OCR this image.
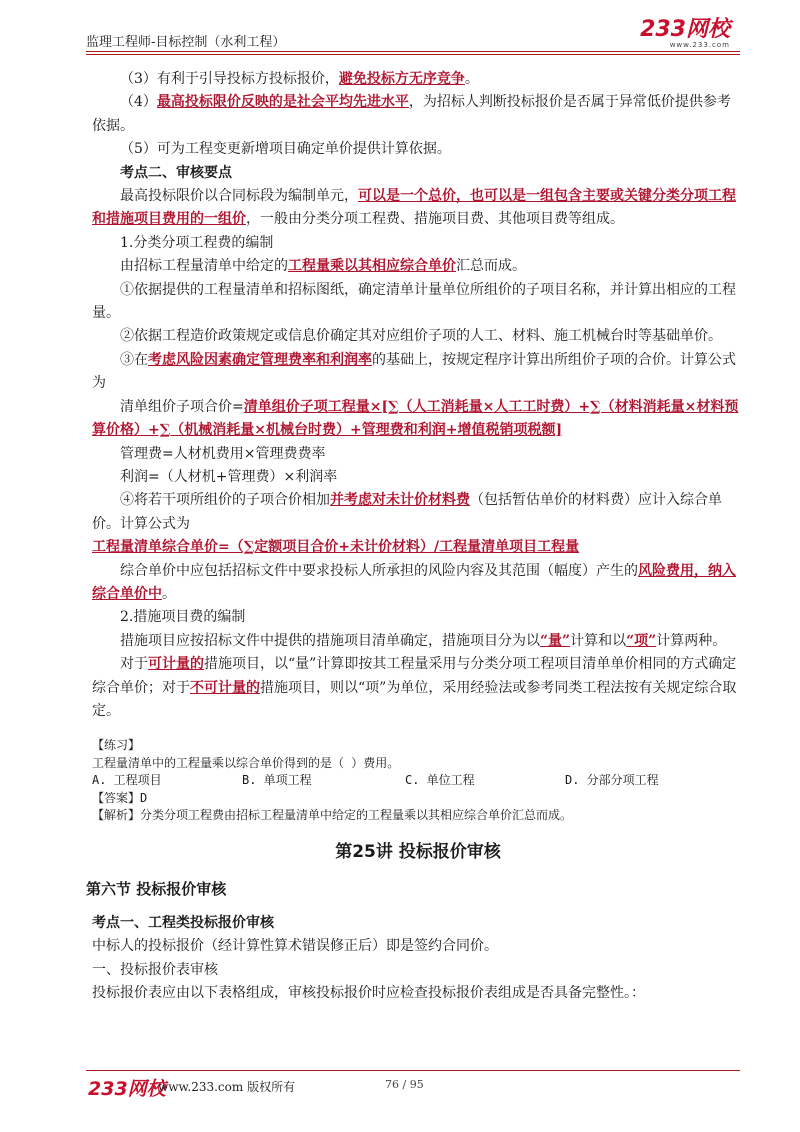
监理工程师-目标控制（水利工程）
233网校
www.233.com

（3）有利于引导投标方投标报价，避免投标方无序竞争。

（4）最高投标限价反映的是社会平均先进水平，为招标人判断投标报价是否属于异常低价提供参考依据。

（5）可为工程变更新增项目确定单价提供计算依据。

考点二、审核要点

最高投标限价以合同标段为编制单元，可以是一个总价，也可以是一组包含主要或关键分类分项工程和措施项目费用的一组价，一般由分类分项工程费、措施项目费、其他项目费等组成。

1.分类分项工程费的编制

由招标工程量清单中给定的工程量乘以其相应综合单价汇总而成。

①依据提供的工程量清单和招标图纸，确定清单计量单位所组价的子项目名称，并计算出相应的工程量。

②依据工程造价政策规定或信息价确定其对应组价子项的人工、材料、施工机械台时等基础单价。

③在考虑风险因素确定管理费率和利润率的基础上，按规定程序计算出所组价子项的合价。计算公式为

清单组价子项合价=清单组价子项工程量×[∑（人工消耗量×人工工时费）+∑（材料消耗量×材料预算价格）+∑（机械消耗量×机械台时费）+管理费和利润+增值税销项税额]

管理费=人材机费用×管理费费率

利润=（人材机+管理费）×利润率

④将若干项所组价的子项合价相加并考虑对未计价材料费（包括暂估单价的材料费）应计入综合单价。计算公式为

工程量清单综合单价=（∑定额项目合价+未计价材料）/工程量清单项目工程量

综合单价中应包括招标文件中要求投标人所承担的风险内容及其范围（幅度）产生的风险费用，纳入综合单价中。

2.措施项目费的编制

措施项目应按招标文件中提供的措施项目清单确定，措施项目分为以“量”计算和以“项”计算两种。

对于可计量的措施项目，以“量”计算即按其工程量采用与分类分项工程项目清单单价相同的方式确定综合单价；对于不可计量的措施项目，则以“项”为单位，采用经验法或参考同类工程法按有关规定综合取定。

【练习】
工程量清单中的工程量乘以综合单价得到的是（ ）费用。
A. 工程项目	B. 单项工程	C. 单位工程	D. 分部分项工程
【答案】D
【解析】分类分项工程费由招标工程量清单中给定的工程量乘以其相应综合单价汇总而成。
第25讲 投标报价审核
第六节 投标报价审核

考点一、工程类投标报价审核

中标人的投标报价（经计算性算术错误修正后）即是签约合同价。

一、投标报价表审核

投标报价表应由以下表格组成，审核投标报价时应检查投标报价表组成是否具备完整性。：

233网校
www.233.com 版权所有	76 / 95
